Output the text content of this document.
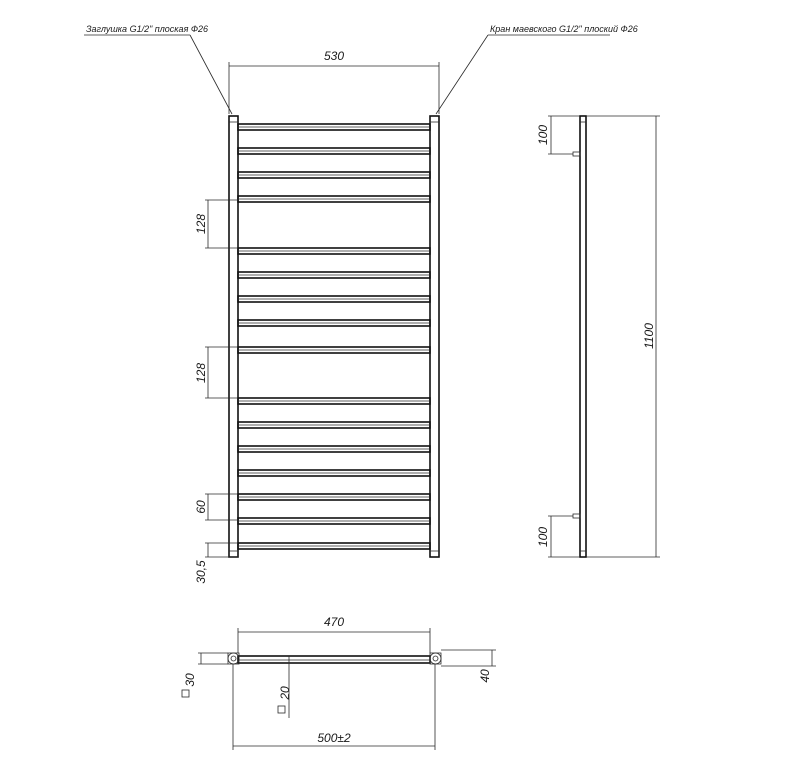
530
Заглушка G1/2" плоская Ф26	Кран маевского G1/2" плоский Ф26
128
128
60
30,5
100
100
1100
470
30
20
40
500±2
